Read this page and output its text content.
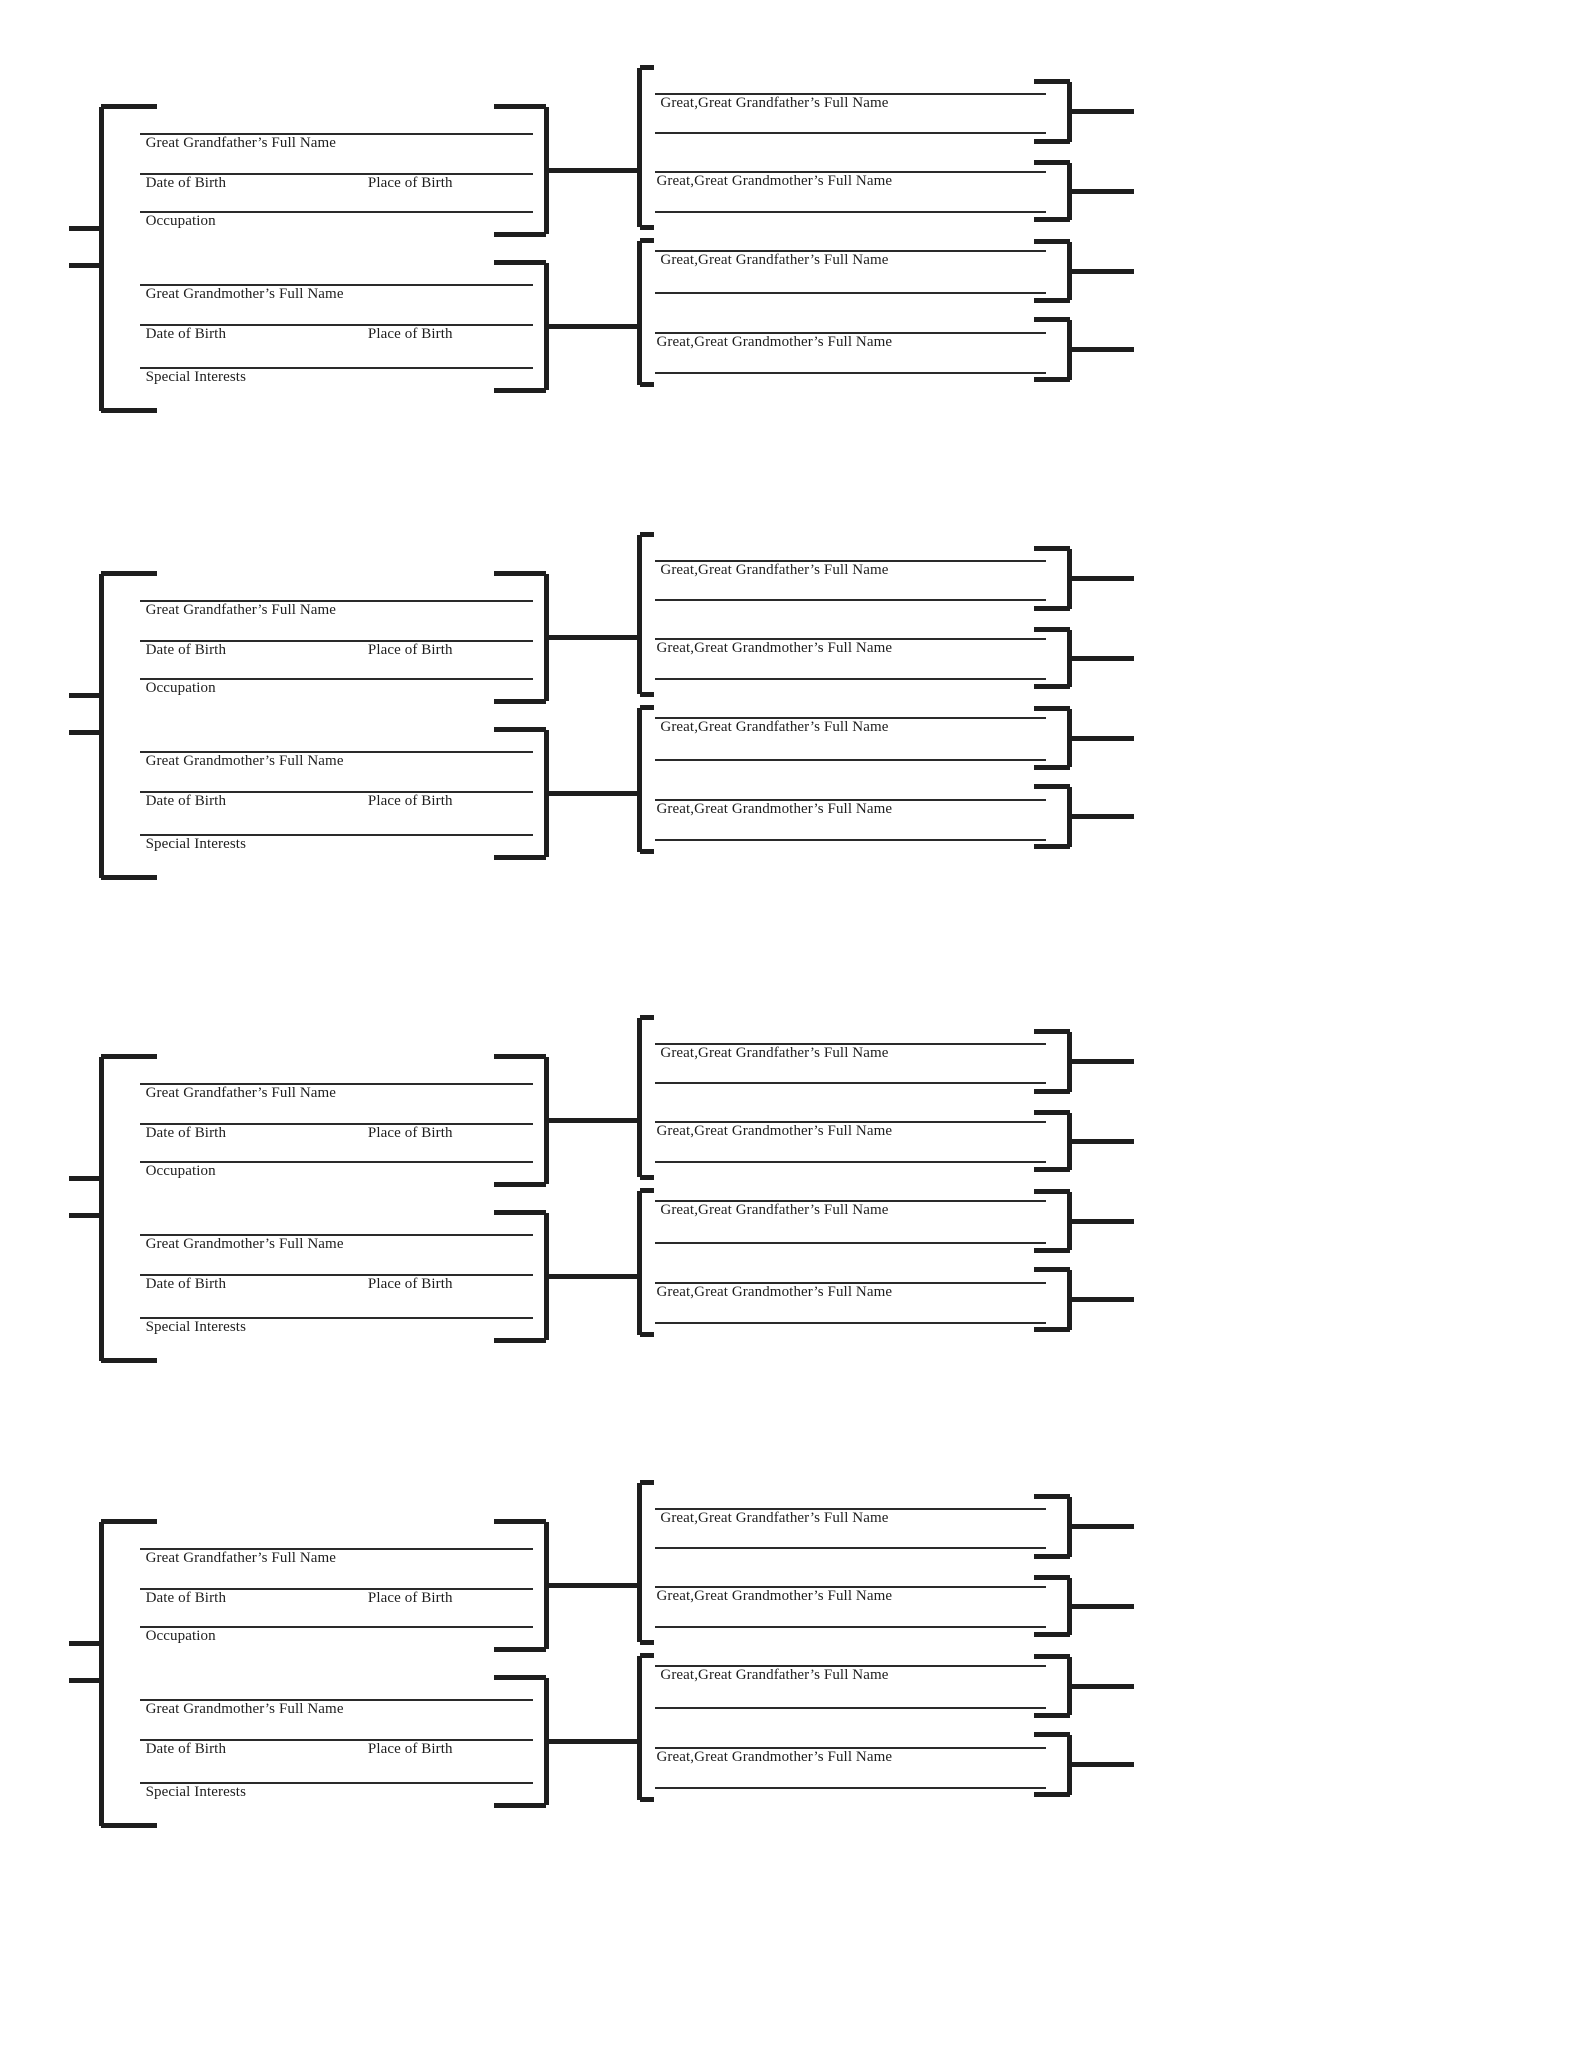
Great Grandfather’s Full Name
Date of Birth	Place of Birth
Occupation
Great Grandmother’s Full Name
Date of Birth	Place of Birth
Special Interests
Great,Great Grandfather’s Full Name
Great,Great Grandmother’s Full Name
Great,Great Grandfather’s Full Name
Great,Great Grandmother’s Full Name
Great Grandfather’s Full Name
Date of Birth	Place of Birth
Occupation
Great Grandmother’s Full Name
Date of Birth	Place of Birth
Special Interests
Great,Great Grandfather’s Full Name
Great,Great Grandmother’s Full Name
Great,Great Grandfather’s Full Name
Great,Great Grandmother’s Full Name
Great Grandfather’s Full Name
Date of Birth	Place of Birth
Occupation
Great Grandmother’s Full Name
Date of Birth	Place of Birth
Special Interests
Great,Great Grandfather’s Full Name
Great,Great Grandmother’s Full Name
Great,Great Grandfather’s Full Name
Great,Great Grandmother’s Full Name
Great Grandfather’s Full Name
Date of Birth	Place of Birth
Occupation
Great Grandmother’s Full Name
Date of Birth	Place of Birth
Special Interests
Great,Great Grandfather’s Full Name
Great,Great Grandmother’s Full Name
Great,Great Grandfather’s Full Name
Great,Great Grandmother’s Full Name
